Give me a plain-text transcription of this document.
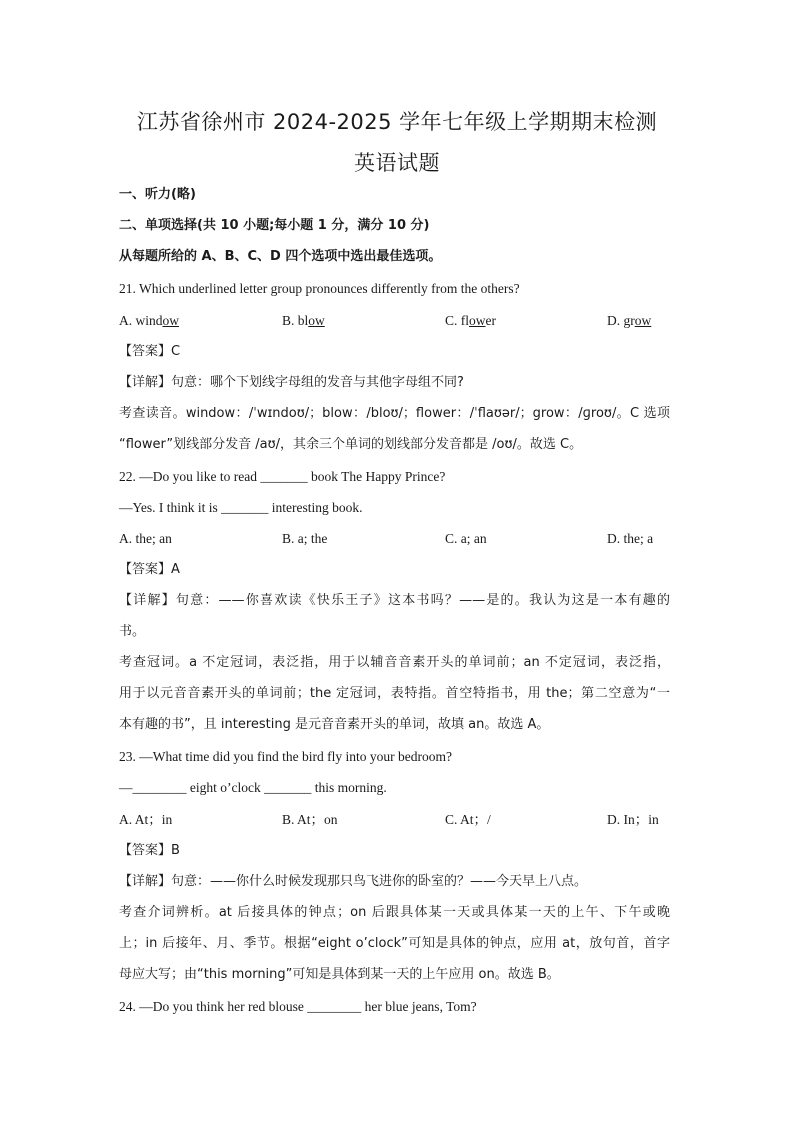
江苏省徐州市 2024-2025 学年七年级上学期期末检测
英语试题
一、听力(略)
二、单项选择(共 10 小题;每小题 1 分，满分 10 分)
从每题所给的 A、B、C、D 四个选项中选出最佳选项。
21. Which underlined letter group pronounces differently from the others?
A. window	B. blow	C. flower	D. grow
【答案】C
【详解】句意：哪个下划线字母组的发音与其他字母组不同?
考查读音。window：/ˈwɪndoʊ/；blow：/bloʊ/；flower：/ˈflaʊər/；grow：/ɡroʊ/。C 选项
“flower”划线部分发音 /aʊ/，其余三个单词的划线部分发音都是 /oʊ/。故选 C。
22. —Do you like to read _______ book The Happy Prince?
—Yes. I think it is _______ interesting book.
A. the; an	B. a; the	C. a; an	D. the; a
【答案】A
【详解】句意：——你喜欢读《快乐王子》这本书吗？——是的。我认为这是一本有趣的
书。
考查冠词。a 不定冠词，表泛指，用于以辅音音素开头的单词前；an 不定冠词，表泛指，
用于以元音音素开头的单词前；the 定冠词，表特指。首空特指书，用 the；第二空意为“一
本有趣的书”，且 interesting 是元音音素开头的单词，故填 an。故选 A。
23. —What time did you find the bird fly into your bedroom?
—________ eight o’clock _______ this morning.
A. At；in	B. At；on	C. At；/	D. In；in
【答案】B
【详解】句意：——你什么时候发现那只鸟飞进你的卧室的？——今天早上八点。
考查介词辨析。at 后接具体的钟点；on 后跟具体某一天或具体某一天的上午、下午或晚
上；in 后接年、月、季节。根据“eight o’clock”可知是具体的钟点，应用 at，放句首，首字
母应大写；由“this morning”可知是具体到某一天的上午应用 on。故选 B。
24. —Do you think her red blouse ________ her blue jeans, Tom?
